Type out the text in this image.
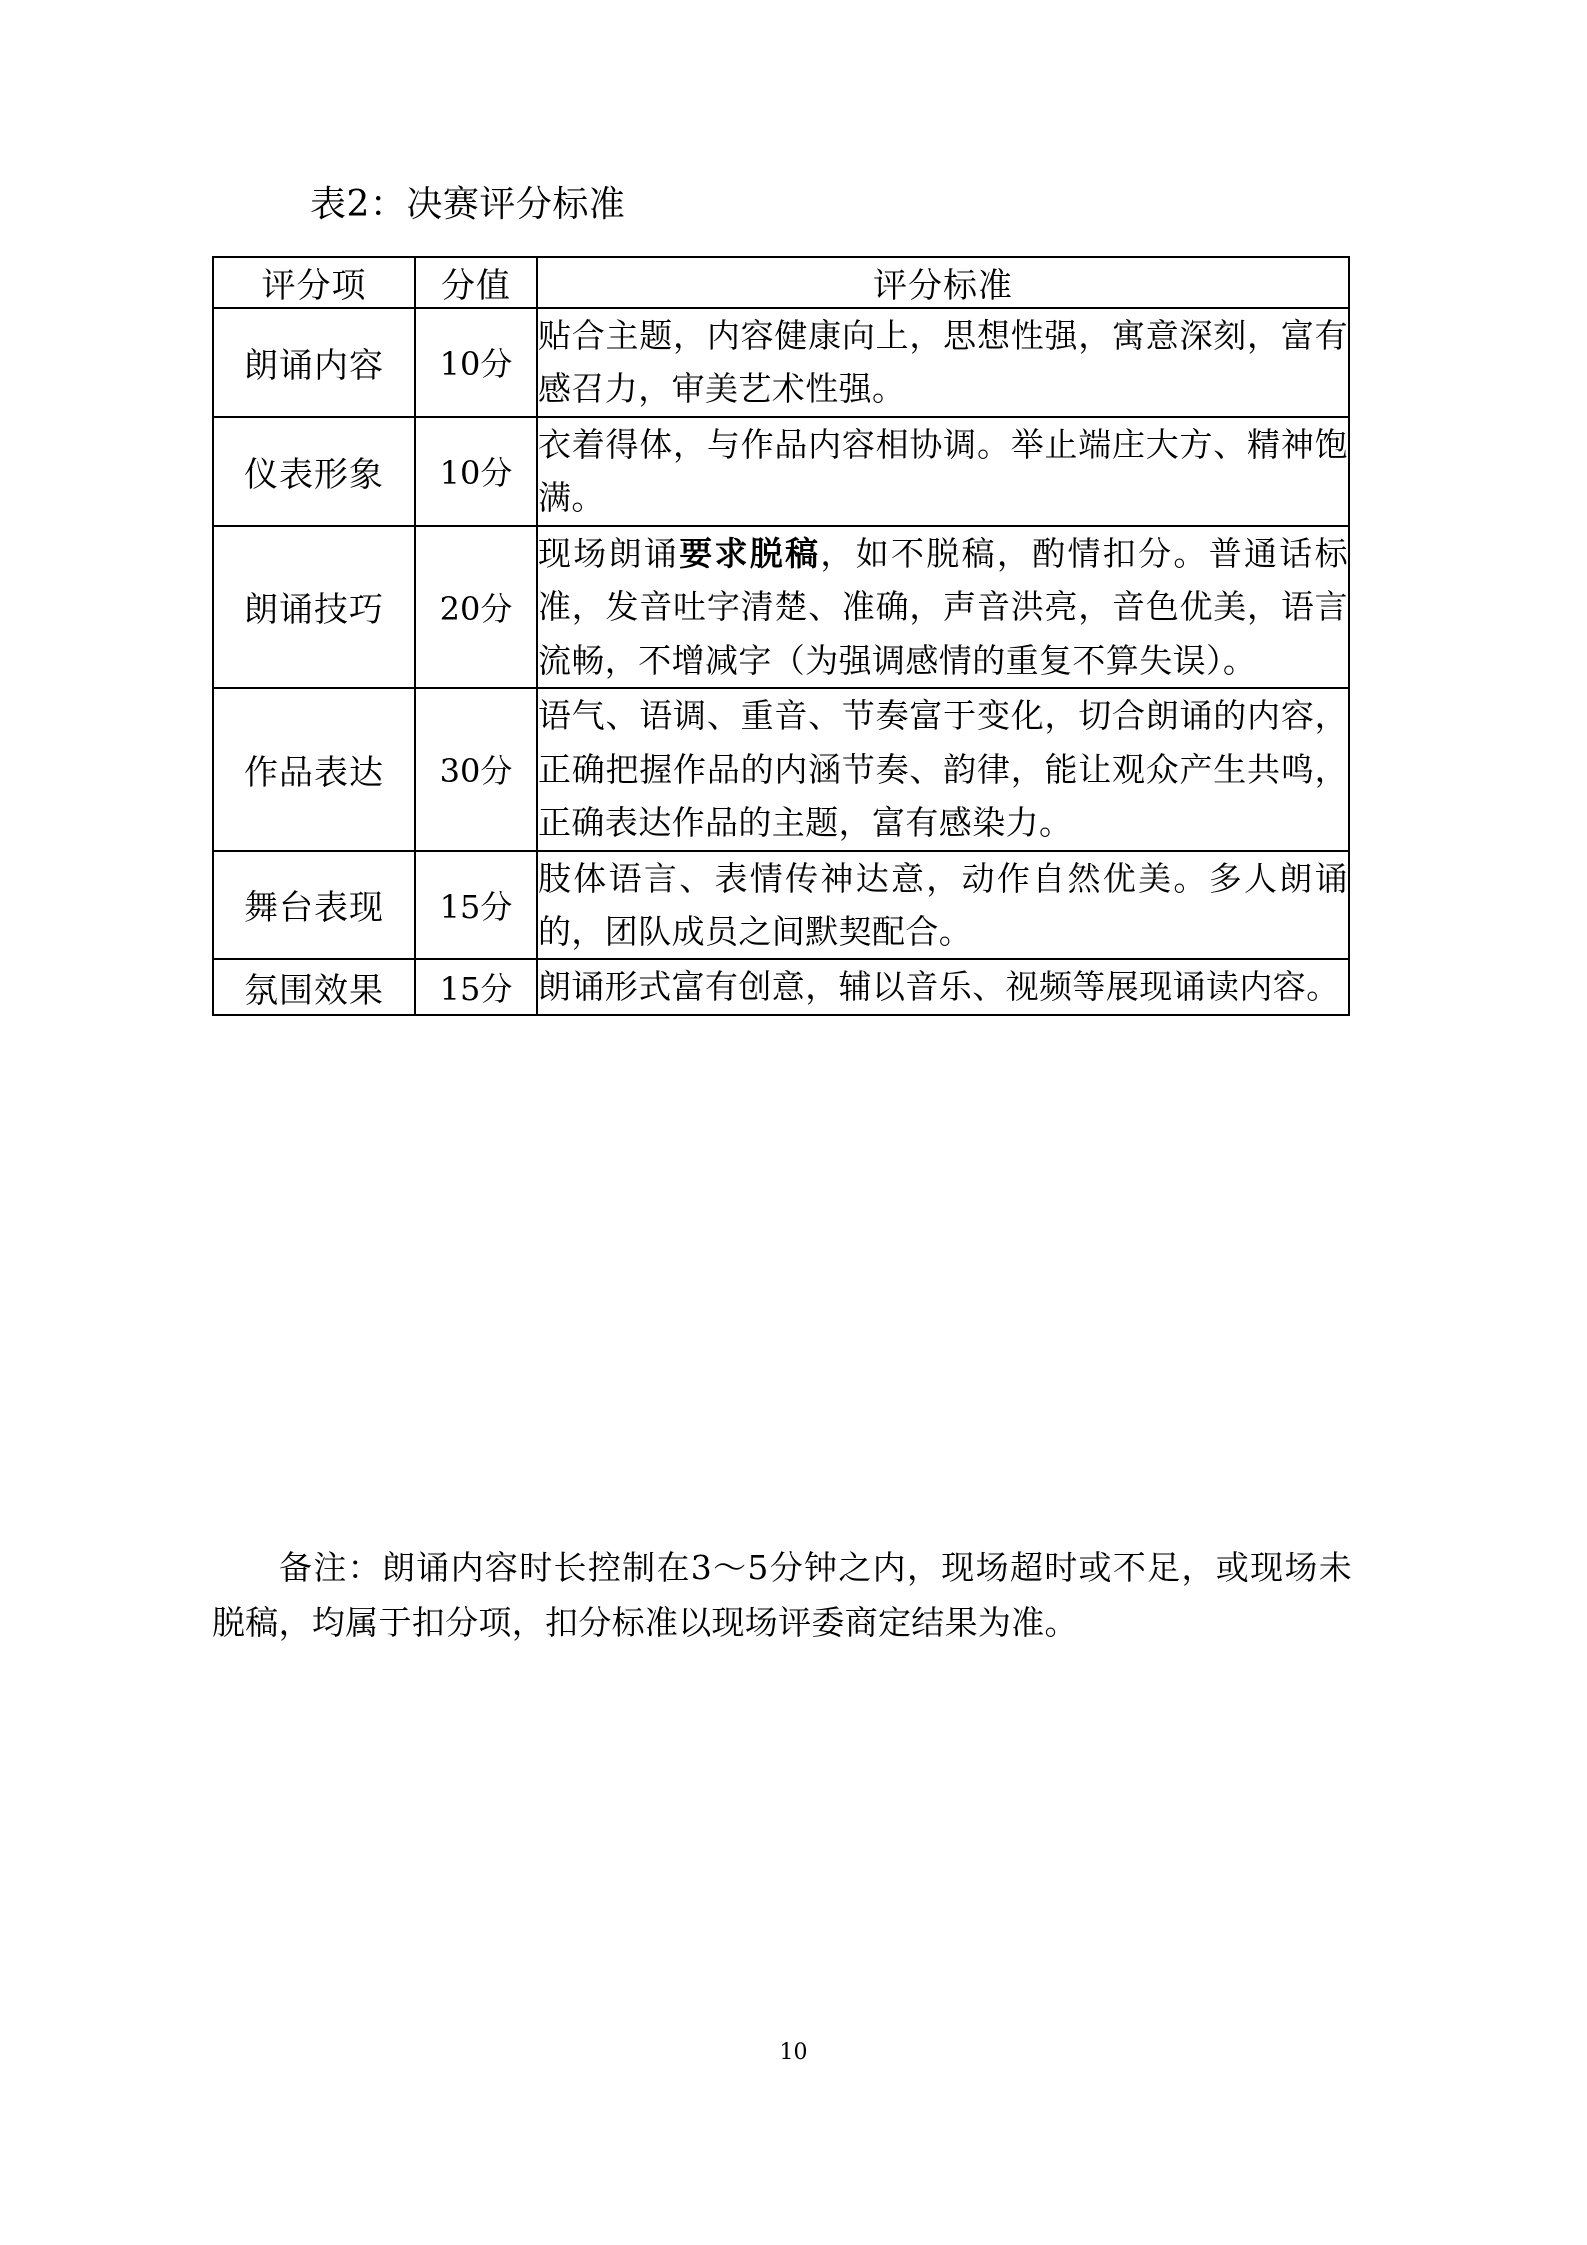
表2：决赛评分标准
评分项	分值	评分标准
朗诵内容	10分	贴合主题，内容健康向上，思想性强，寓意深刻，富有感召力，审美艺术性强。
仪表形象	10分	衣着得体，与作品内容相协调。举止端庄大方、精神饱满。
朗诵技巧	20分	现场朗诵要求脱稿，如不脱稿，酌情扣分。普通话标准，发音吐字清楚、准确，声音洪亮，音色优美，语言流畅，不增减字（为强调感情的重复不算失误）。
作品表达	30分	语气、语调、重音、节奏富于变化，切合朗诵的内容，正确把握作品的内涵节奏、韵律，能让观众产生共鸣，正确表达作品的主题，富有感染力。
舞台表现	15分	肢体语言、表情传神达意，动作自然优美。多人朗诵的，团队成员之间默契配合。
氛围效果	15分	朗诵形式富有创意，辅以音乐、视频等展现诵读内容。
备注：朗诵内容时长控制在3～5分钟之内，现场超时或不足，或现场未脱稿，均属于扣分项，扣分标准以现场评委商定结果为准。
10
